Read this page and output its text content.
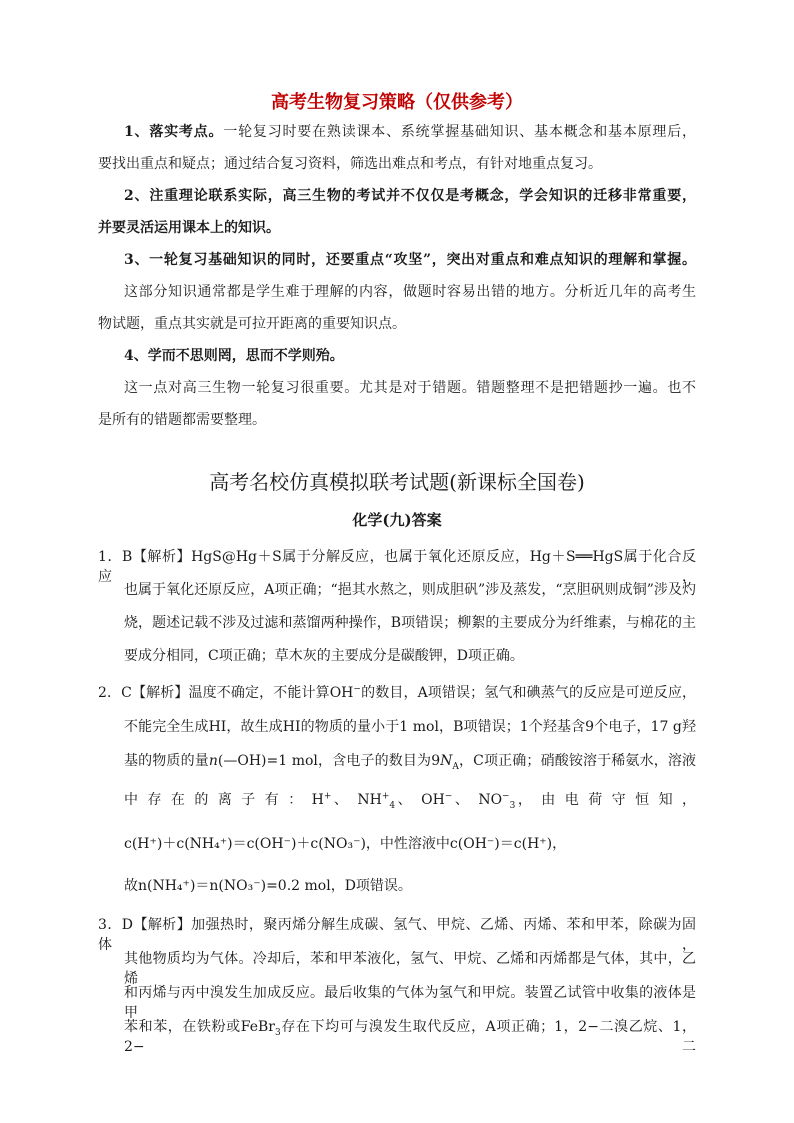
高考生物复习策略（仅供参考）

1、落实考点。一轮复习时要在熟读课本、系统掌握基础知识、基本概念和基本原理后，

要找出重点和疑点；通过结合复习资料，筛选出难点和考点，有针对地重点复习。

2、注重理论联系实际，高三生物的考试并不仅仅是考概念，学会知识的迁移非常重要，

并要灵活运用课本上的知识。

3、一轮复习基础知识的同时，还要重点“攻坚”，突出对重点和难点知识的理解和掌握。

这部分知识通常都是学生难于理解的内容，做题时容易出错的地方。分析近几年的高考生

物试题，重点其实就是可拉开距离的重要知识点。

4、学而不思则罔，思而不学则殆。

这一点对高三生物一轮复习很重要。尤其是对于错题。错题整理不是把错题抄一遍。也不

是所有的错题都需要整理。

高考名校仿真模拟联考试题(新课标全国卷)
化学(九)答案

1．B【解析】HgS@Hg＋S属于分解反应，也属于氧化还原反应，Hg＋S══HgS属于化合反应，

也属于氧化还原反应，A项正确；“挹其水熬之，则成胆矾”涉及蒸发，“烹胆矾则成铜”涉及灼

烧，题述记载不涉及过滤和蒸馏两种操作，B项错误；柳絮的主要成分为纤维素，与棉花的主

要成分相同，C项正确；草木灰的主要成分是碳酸钾，D项正确。

2．C【解析】温度不确定，不能计算OH−的数目，A项错误；氢气和碘蒸气的反应是可逆反应，

不能完全生成HI，故生成HI的物质的量小于1 mol，B项错误；1个羟基含9个电子，17 g羟

基的物质的量n(—OH)=1 mol，含电子的数目为$9N_A$，C项正确；硝酸铵溶于稀氨水，溶液

中 存 在 的 离 子 有 ： H+、 $NH^+_4$、 OH−、 $NO^-_3$， 由 电 荷 守 恒 知 ，

c(H⁺)＋c(NH₄⁺)＝c(OH⁻)＋c(NO₃⁻)，中性溶液中c(OH⁻)＝c(H⁺)，

故n(NH₄⁺)＝n(NO₃⁻)=0.2 mol，D项错误。

3．D【解析】加强热时，聚丙烯分解生成碳、氢气、甲烷、乙烯、丙烯、苯和甲苯，除碳为固体，

其他物质均为气体。冷却后，苯和甲苯液化，氢气、甲烷、乙烯和丙烯都是气体，其中，乙烯

和丙烯与丙中溴发生加成反应。最后收集的气体为氢气和甲烷。装置乙试管中收集的液体是甲

苯和苯，在铁粉或FeBr$_3$存在下均可与溴发生取代反应，A项正确；1，2−二溴乙烷、1，2−二
